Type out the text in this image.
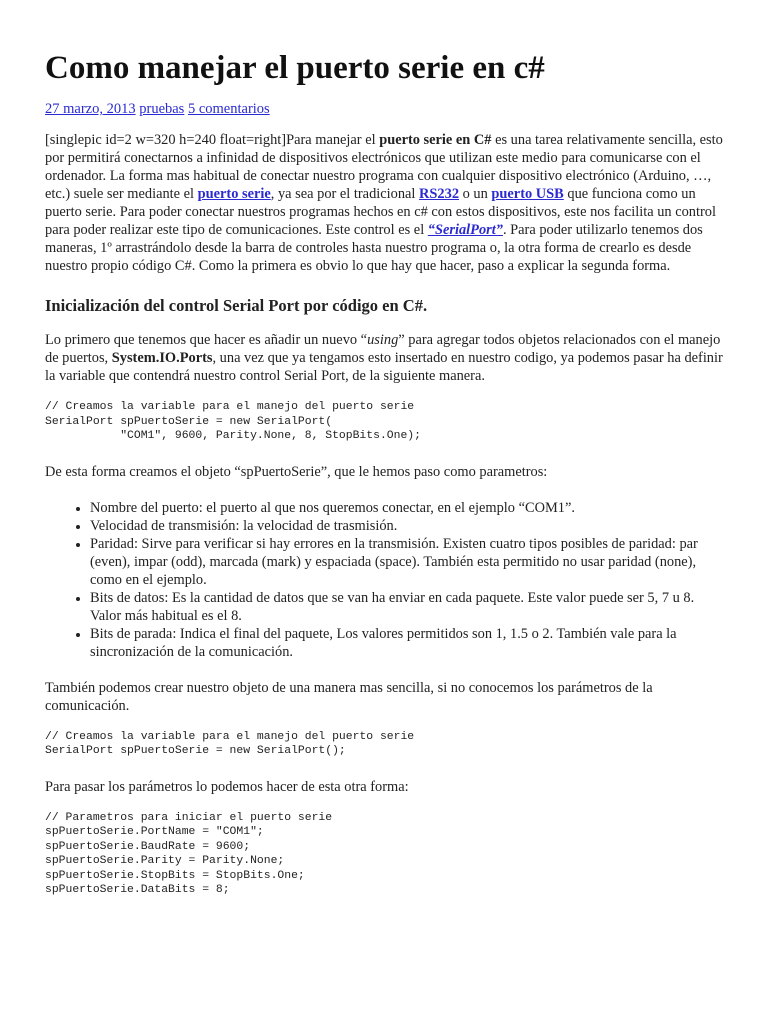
Como manejar el puerto serie en c#
27 marzo, 2013 pruebas 5 comentarios

[singlepic id=2 w=320 h=240 float=right]Para manejar el puerto serie en C# es una tarea relativamente sencilla, esto por permitirá conectarnos a infinidad de dispositivos electrónicos que utilizan este medio para comunicarse con el ordenador. La forma mas habitual de conectar nuestro programa con cualquier dispositivo electrónico (Arduino, …, etc.) suele ser mediante el puerto serie, ya sea por el tradicional RS232 o un puerto USB que funciona como un puerto serie. Para poder conectar nuestros programas hechos en c# con estos dispositivos, este nos facilita un control para poder realizar este tipo de comunicaciones. Este control es el “SerialPort”. Para poder utilizarlo tenemos dos maneras, 1º arrastrándolo desde la barra de controles hasta nuestro programa o, la otra forma de crearlo es desde nuestro propio código C#. Como la primera es obvio lo que hay que hacer, paso a explicar la segunda forma.

Inicialización del control Serial Port por código en C#.

Lo primero que tenemos que hacer es añadir un nuevo “using” para agregar todos objetos relacionados con el manejo de puertos, System.IO.Ports, una vez que ya tengamos esto insertado en nuestro codigo, ya podemos pasar ha definir la variable que contendrá nuestro control Serial Port, de la siguiente manera.

// Creamos la variable para el manejo del puerto serie
SerialPort spPuertoSerie = new SerialPort(
"COM1", 9600, Parity.None, 8, StopBits.One);

De esta forma creamos el objeto “spPuertoSerie”, que le hemos paso como parametros:

• Nombre del puerto: el puerto al que nos queremos conectar, en el ejemplo “COM1”.
• Velocidad de transmisión: la velocidad de trasmisión.
• Paridad: Sirve para verificar si hay errores en la transmisión. Existen cuatro tipos posibles de paridad: par (even), impar (odd), marcada (mark) y espaciada (space). También esta permitido no usar paridad (none), como en el ejemplo.
• Bits de datos: Es la cantidad de datos que se van ha enviar en cada paquete. Este valor puede ser 5, 7 u 8. Valor más habitual es el 8.
• Bits de parada: Indica el final del paquete, Los valores permitidos son 1, 1.5 o 2. También vale para la sincronización de la comunicación.

También podemos crear nuestro objeto de una manera mas sencilla, si no conocemos los parámetros de la comunicación.

// Creamos la variable para el manejo del puerto serie
SerialPort spPuertoSerie = new SerialPort();

Para pasar los parámetros lo podemos hacer de esta otra forma:

// Parametros para iniciar el puerto serie
spPuertoSerie.PortName = "COM1";
spPuertoSerie.BaudRate = 9600;
spPuertoSerie.Parity = Parity.None;
spPuertoSerie.StopBits = StopBits.One;
spPuertoSerie.DataBits = 8;
